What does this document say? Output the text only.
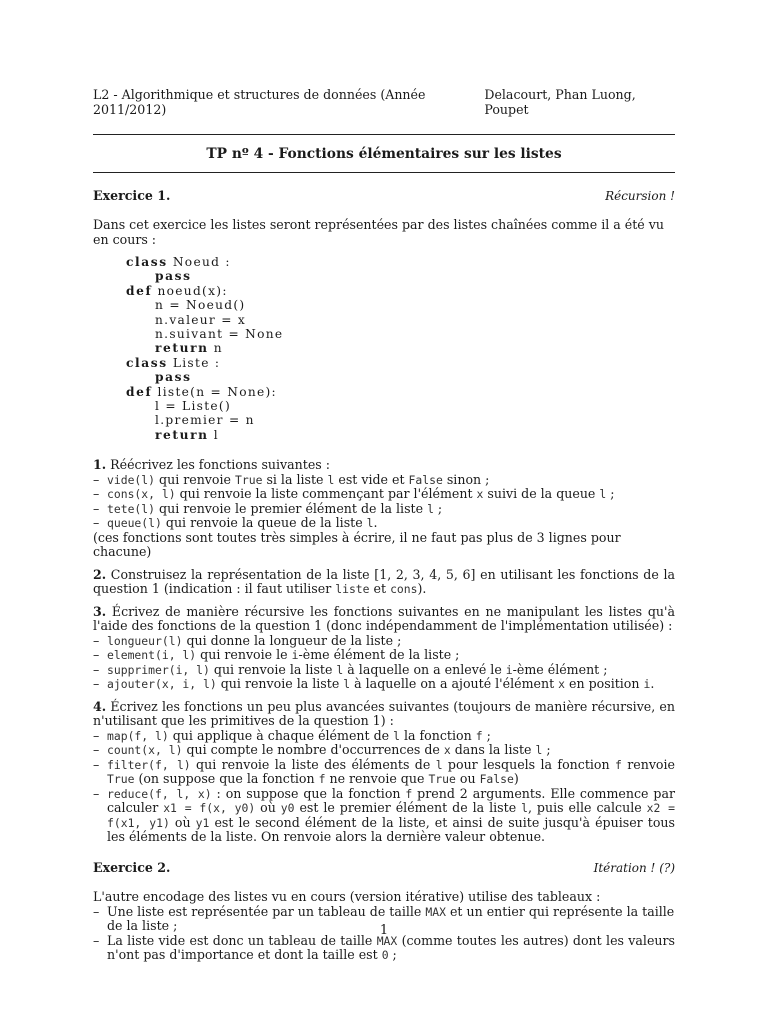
L2 - Algorithmique et structures de données (Année 2011/2012)
Delacourt, Phan Luong, Poupet
TP nº 4 - Fonctions élémentaires sur les listes
Exercice 1.	Récursion !

Dans cet exercice les listes seront représentées par des listes chaînées comme il a été vu en cours :

class Noeud :
pass
def noeud(x):
n = Noeud()
n.valeur = x
n.suivant = None
return n
class Liste :
pass
def liste(n = None):
l = Liste()
l.premier = n
return l

1. Réécrivez les fonctions suivantes :

– vide(l) qui renvoie True si la liste l est vide et False sinon ;
– cons(x, l) qui renvoie la liste commençant par l'élément x suivi de la queue l ;
– tete(l) qui renvoie le premier élément de la liste l ;
– queue(l) qui renvoie la queue de la liste l.

(ces fonctions sont toutes très simples à écrire, il ne faut pas plus de 3 lignes pour chacune)

2. Construisez la représentation de la liste [1, 2, 3, 4, 5, 6] en utilisant les fonctions de la question 1 (indication : il faut utiliser liste et cons).

3. Écrivez de manière récursive les fonctions suivantes en ne manipulant les listes qu'à l'aide des fonctions de la question 1 (donc indépendamment de l'implémentation utilisée) :

– longueur(l) qui donne la longueur de la liste ;
– element(i, l) qui renvoie le i-ème élément de la liste ;
– supprimer(i, l) qui renvoie la liste l à laquelle on a enlevé le i-ème élément ;
– ajouter(x, i, l) qui renvoie la liste l à laquelle on a ajouté l'élément x en position i.

4. Écrivez les fonctions un peu plus avancées suivantes (toujours de manière récursive, en n'utilisant que les primitives de la question 1) :

– map(f, l) qui applique à chaque élément de l la fonction f ;
– count(x, l) qui compte le nombre d'occurrences de x dans la liste l ;
– filter(f, l) qui renvoie la liste des éléments de l pour lesquels la fonction f renvoie True (on suppose que la fonction f ne renvoie que True ou False)
– reduce(f, l, x) : on suppose que la fonction f prend 2 arguments. Elle commence par calculer x1 = f(x, y0) où y0 est le premier élément de la liste l, puis elle calcule x2 = f(x1, y1) où y1 est le second élément de la liste, et ainsi de suite jusqu'à épuiser tous les éléments de la liste. On renvoie alors la dernière valeur obtenue.
Exercice 2.	Itération ! (?)

L'autre encodage des listes vu en cours (version itérative) utilise des tableaux :

– Une liste est représentée par un tableau de taille MAX et un entier qui représente la taille de la liste ;
– La liste vide est donc un tableau de taille MAX (comme toutes les autres) dont les valeurs n'ont pas d'importance et dont la taille est 0 ;
1
